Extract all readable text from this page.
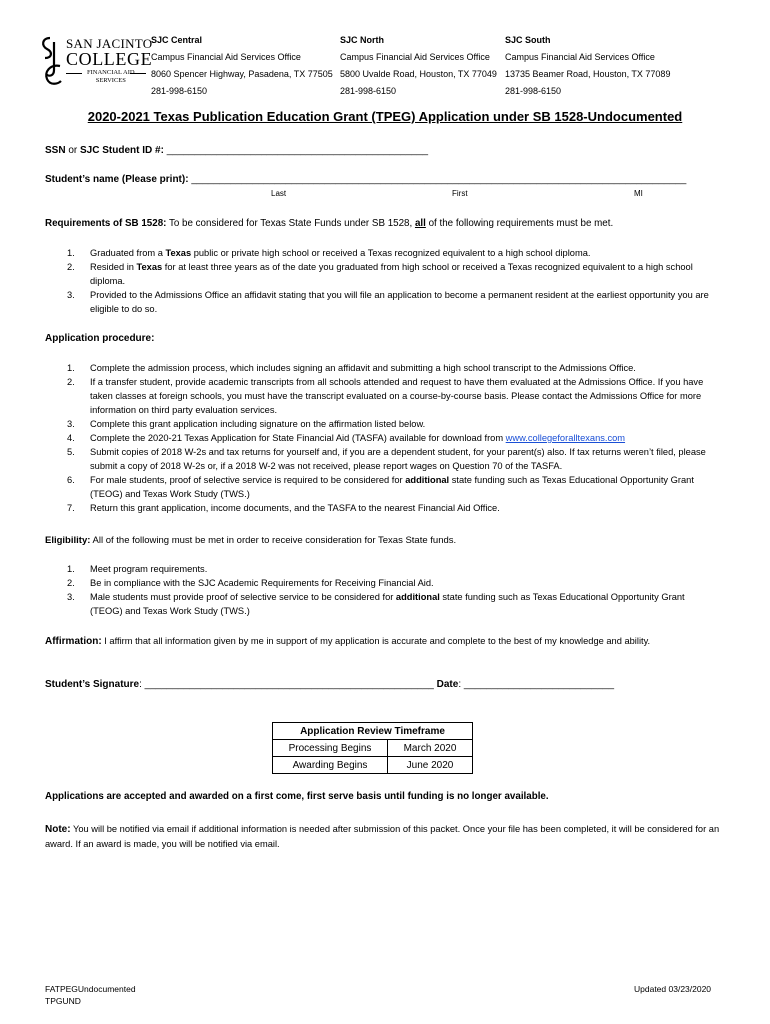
SAN JACINTO
COLLEGE
FINANCIAL AID
SERVICES
SJC Central
Campus Financial Aid Services Office
8060 Spencer Highway, Pasadena, TX 77505
281-998-6150
SJC North
Campus Financial Aid Services Office
5800 Uvalde Road, Houston, TX 77049
281-998-6150
SJC South
Campus Financial Aid Services Office
13735 Beamer Road, Houston, TX 77089
281-998-6150
2020-2021 Texas Publication Education Grant (TPEG) Application under SB 1528-Undocumented
SSN or SJC Student ID #: _______________________________________________
Student’s name (Please print): _________________________________________________________________________________________
Last	First	MI
Requirements of SB 1528: To be considered for Texas State Funds under SB 1528, all of the following requirements must be met.
1. Graduated from a Texas public or private high school or received a Texas recognized equivalent to a high school diploma.
2. Resided in Texas for at least three years as of the date you graduated from high school or received a Texas recognized equivalent to a high school diploma.
3. Provided to the Admissions Office an affidavit stating that you will file an application to become a permanent resident at the earliest opportunity you are eligible to do so.
Application procedure:
1. Complete the admission process, which includes signing an affidavit and submitting a high school transcript to the Admissions Office.
2. If a transfer student, provide academic transcripts from all schools attended and request to have them evaluated at the Admissions Office. If you have taken classes at foreign schools, you must have the transcript evaluated on a course-by-course basis. Please contact the Admissions Office for more information on third party evaluation services.
3. Complete this grant application including signature on the affirmation listed below.
4. Complete the 2020-21 Texas Application for State Financial Aid (TASFA) available for download from www.collegeforalltexans.com
5. Submit copies of 2018 W-2s and tax returns for yourself and, if you are a dependent student, for your parent(s) also. If tax returns weren’t filed, please submit a copy of 2018 W-2s or, if a 2018 W-2 was not received, please report wages on Question 70 of the TASFA.
6. For male students, proof of selective service is required to be considered for additional state funding such as Texas Educational Opportunity Grant (TEOG) and Texas Work Study (TWS.)
7. Return this grant application, income documents, and the TASFA to the nearest Financial Aid Office.
Eligibility: All of the following must be met in order to receive consideration for Texas State funds.
1. Meet program requirements.
2. Be in compliance with the SJC Academic Requirements for Receiving Financial Aid.
3. Male students must provide proof of selective service to be considered for additional state funding such as Texas Educational Opportunity Grant (TEOG) and Texas Work Study (TWS.)
Affirmation: I affirm that all information given by me in support of my application is accurate and complete to the best of my knowledge and ability.
Student’s Signature: ____________________________________________________ Date: ___________________________
Application Review Timeframe	
Processing Begins	March 2020
Awarding Begins	June 2020
Applications are accepted and awarded on a first come, first serve basis until funding is no longer available.
Note: You will be notified via email if additional information is needed after submission of this packet. Once your file has been completed, it will be considered for an award. If an award is made, you will be notified via email.
FATPEGUndocumented
TPGUND
Updated 03/23/2020
